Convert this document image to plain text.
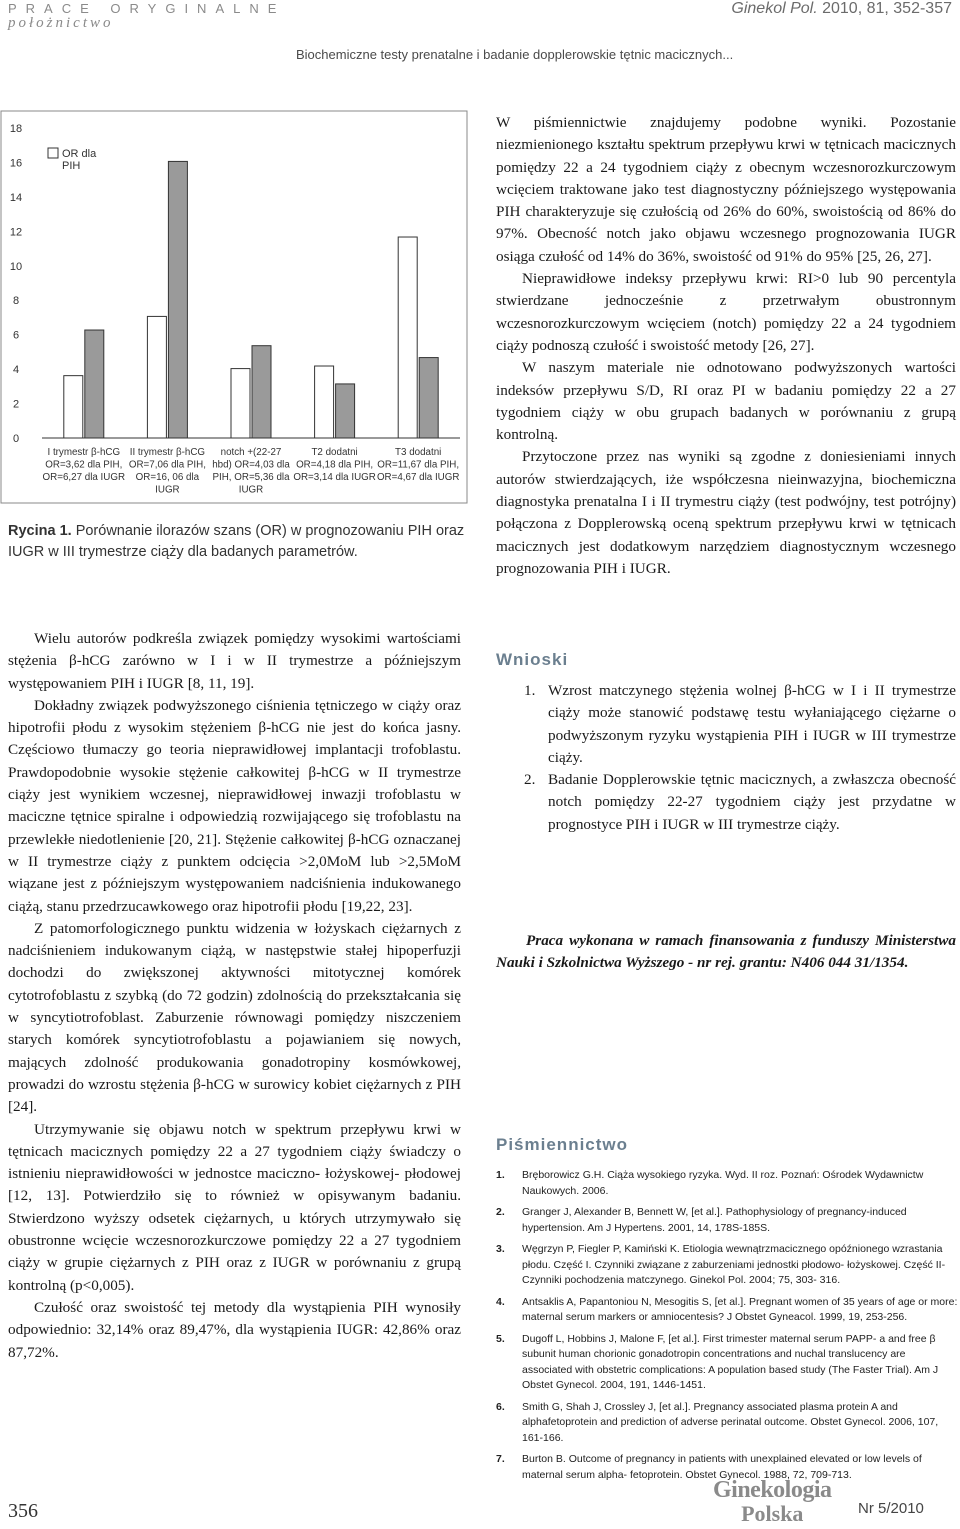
PRACE ORYGINALNE
położnictwo
Ginekol Pol. 2010, 81, 352-357
Biochemiczne testy prenatalne i badanie dopplerowskie tętnic macicznych...
0
2
4
6
8
10
12
14
16
18
I trymestr β-hCG
OR=3,62 dla PIH,
OR=6,27 dla IUGR
II trymestr β-hCG
OR=7,06 dla PIH,
OR=16, 06 dla
IUGR
notch +(22-27
hbd) OR=4,03 dla
PIH, OR=5,36 dla
IUGR
T2 dodatni
OR=4,18 dla PIH,
OR=3,14 dla IUGR
T3 dodatni
OR=11,67 dla PIH,
OR=4,67 dla IUGR
OR dla
PIH
Rycina 1. Porównanie ilorazów szans (OR) w prognozowaniu PIH oraz IUGR w III trymestrze ciąży dla badanych parametrów.

Wielu autorów podkreśla związek pomiędzy wysokimi wartościami stężenia β-hCG zarówno w I i w II trymestrze a późniejszym występowaniem PIH i IUGR [8, 11, 19].

Dokładny związek podwyższonego ciśnienia tętniczego w ciąży oraz hipotrofii płodu z wysokim stężeniem β-hCG nie jest do końca jasny. Częściowo tłumaczy go teoria nieprawidłowej implantacji trofoblastu. Prawdopodobnie wysokie stężenie całkowitej β-hCG w II trymestrze ciąży jest wynikiem wczesnej, nieprawidłowej inwazji trofoblastu w maciczne tętnice spiralne i odpowiedzią rozwijającego się trofoblastu na przewlekłe niedotlenienie [20, 21]. Stężenie całkowitej β-hCG oznaczanej w II trymestrze ciąży z punktem odcięcia >2,0MoM lub >2,5MoM wiązane jest z późniejszym występowaniem nadciśnienia indukowanego ciążą, stanu przedrzucawkowego oraz hipotrofii płodu [19,22, 23].

Z patomorfologicznego punktu widzenia w łożyskach ciężarnych z nadciśnieniem indukowanym ciążą, w następstwie stałej hipoperfuzji dochodzi do zwiększonej aktywności mitotycznej komórek cytotrofoblastu z szybką (do 72 godzin) zdolnością do przekształcania się w syncytiotrofoblast. Zaburzenie równowagi pomiędzy niszczeniem starych komórek syncytiotrofoblastu a pojawianiem się nowych, mających zdolność produkowania gonadotropiny kosmówkowej, prowadzi do wzrostu stężenia β-hCG w surowicy kobiet ciężarnych z PIH [24].

Utrzymywanie się objawu notch w spektrum przepływu krwi w tętnicach macicznych pomiędzy 22 a 27 tygodniem ciąży świadczy o istnieniu nieprawidłowości w jednostce maciczno- łożyskowej- płodowej [12, 13]. Potwierdziło się to również w opisywanym badaniu. Stwierdzono wyższy odsetek ciężarnych, u których utrzymywało się obustronne wcięcie wczesnorozkurczowe pomiędzy 22 a 27 tygodniem ciąży w grupie ciężarnych z PIH oraz z IUGR w porównaniu z grupą kontrolną (p<0,005).

Czułość oraz swoistość tej metody dla wystąpienia PIH wynosiły odpowiednio: 32,14% oraz 89,47%, dla wystąpienia IUGR: 42,86% oraz 87,72%.

W piśmiennictwie znajdujemy podobne wyniki. Pozostanie niezmienionego kształtu spektrum przepływu krwi w tętnicach macicznych pomiędzy 22 a 24 tygodniem ciąży z obecnym wczesnorozkurczowym wcięciem traktowane jako test diagnostyczny późniejszego występowania PIH charakteryzuje się czułością od 26% do 60%, swoistością od 86% do 97%. Obecność notch jako objawu wczesnego prognozowania IUGR osiąga czułość od 14% do 36%, swoistość od 91% do 95% [25, 26, 27].

Nieprawidłowe indeksy przepływu krwi: RI>0 lub 90 percentyla stwierdzane jednocześnie z przetrwałym obustronnym wczesnorozkurczowym wcięciem (notch) pomiędzy 22 a 24 tygodniem ciąży podnoszą czułość i swoistość metody [26, 27].

W naszym materiale nie odnotowano podwyższonych wartości indeksów przepływu S/D, RI oraz PI w badaniu pomiędzy 22 a 27 tygodniem ciąży w obu grupach badanych w porównaniu z grupą kontrolną.

Przytoczone przez nas wyniki są zgodne z doniesieniami innych autorów stwierdzających, iże współczesna nieinwazyjna, biochemiczna diagnostyka prenatalna I i II trymestru ciąży (test podwójny, test potrójny) połączona z Dopplerowską oceną spektrum przepływu krwi w tętnicach macicznych jest dodatkowym narzędziem diagnostycznym wczesnego prognozowania PIH i IUGR.

Wnioski
1. Wzrost matczynego stężenia wolnej β-hCG w I i II trymestrze ciąży może stanowić podstawę testu wyłaniającego ciężarne o podwyższonym ryzyku wystąpienia PIH i IUGR w III trymestrze ciąży.
2. Badanie Dopplerowskie tętnic macicznych, a zwłaszcza obecność notch pomiędzy 22-27 tygodniem ciąży jest przydatne w prognostyce PIH i IUGR w III trymestrze ciąży.
Praca wykonana w ramach finansowania z funduszy Ministerstwa Nauki i Szkolnictwa Wyższego - nr rej. grantu: N406 044 31/1354.
Piśmiennictwo
1.	Bręborowicz G.H. Ciąża wysokiego ryzyka. Wyd. II roz. Poznań: Ośrodek Wydawnictw Naukowych. 2006.
2.	Granger J, Alexander B, Bennett W, [et al.]. Pathophysiology of pregnancy-induced hypertension. Am J Hypertens. 2001, 14, 178S-185S.
3.	Węgrzyn P, Fiegler P, Kamiński K. Etiologia wewnątrzmacicznego opóźnionego wzrastania płodu. Część I. Czynniki związane z zaburzeniami jednostki płodowo- łożyskowej. Część II- Czynniki pochodzenia matczynego. Ginekol Pol. 2004; 75, 303- 316.
4.	Antsaklis A, Papantoniou N, Mesogitis S, [et al.]. Pregnant women of 35 years of age or more: maternal serum markers or amniocentesis? J Obstet Gyneacol. 1999, 19, 253-256.
5.	Dugoff L, Hobbins J, Malone F, [et al.]. First trimester maternal serum PAPP- a and free β subunit human chorionic gonadotropin concentrations and nuchal translucency are associated with obstetric complications: A population based study (The Faster Trial). Am J Obstet Gynecol. 2004, 191, 1446-1451.
6.	Smith G, Shah J, Crossley J, [et al.]. Pregnancy associated plasma protein A and alphafetoprotein and prediction of adverse perinatal outcome. Obstet Gynecol. 2006, 107, 161-166.
7.	Burton B. Outcome of pregnancy in patients with unexplained elevated or low levels of maternal serum alpha- fetoprotein. Obstet Gynecol. 1988, 72, 709-713.
356
Ginekologia
Polska	Nr 5/2010
